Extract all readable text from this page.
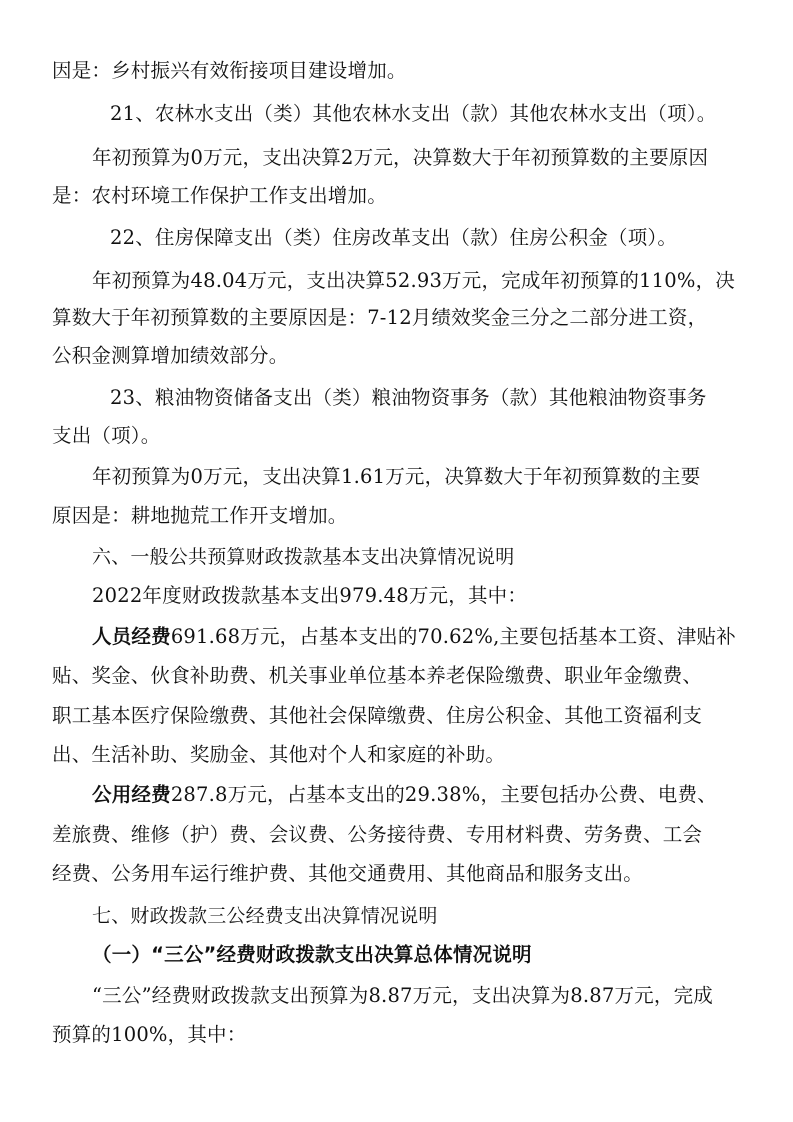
因是：乡村振兴有效衔接项目建设增加。
21、农林水支出（类）其他农林水支出（款）其他农林水支出（项）。
年初预算为0万元，支出决算2万元，决算数大于年初预算数的主要原因
是：农村环境工作保护工作支出增加。
22、住房保障支出（类）住房改革支出（款）住房公积金（项）。
年初预算为48.04万元，支出决算52.93万元，完成年初预算的110%，决
算数大于年初预算数的主要原因是：7-12月绩效奖金三分之二部分进工资，
公积金测算增加绩效部分。
23、粮油物资储备支出（类）粮油物资事务（款）其他粮油物资事务
支出（项）。
年初预算为0万元，支出决算1.61万元，决算数大于年初预算数的主要
原因是：耕地抛荒工作开支增加。
六、一般公共预算财政拨款基本支出决算情况说明
2022年度财政拨款基本支出979.48万元，其中：
人员经费691.68万元，占基本支出的70.62%,主要包括基本工资、津贴补
贴、奖金、伙食补助费、机关事业单位基本养老保险缴费、职业年金缴费、
职工基本医疗保险缴费、其他社会保障缴费、住房公积金、其他工资福利支
出、生活补助、奖励金、其他对个人和家庭的补助。
公用经费287.8万元，占基本支出的29.38%，主要包括办公费、电费、
差旅费、维修（护）费、会议费、公务接待费、专用材料费、劳务费、工会
经费、公务用车运行维护费、其他交通费用、其他商品和服务支出。
七、财政拨款三公经费支出决算情况说明
（一）“三公”经费财政拨款支出决算总体情况说明
“三公”经费财政拨款支出预算为8.87万元，支出决算为8.87万元，完成
预算的100%，其中：
